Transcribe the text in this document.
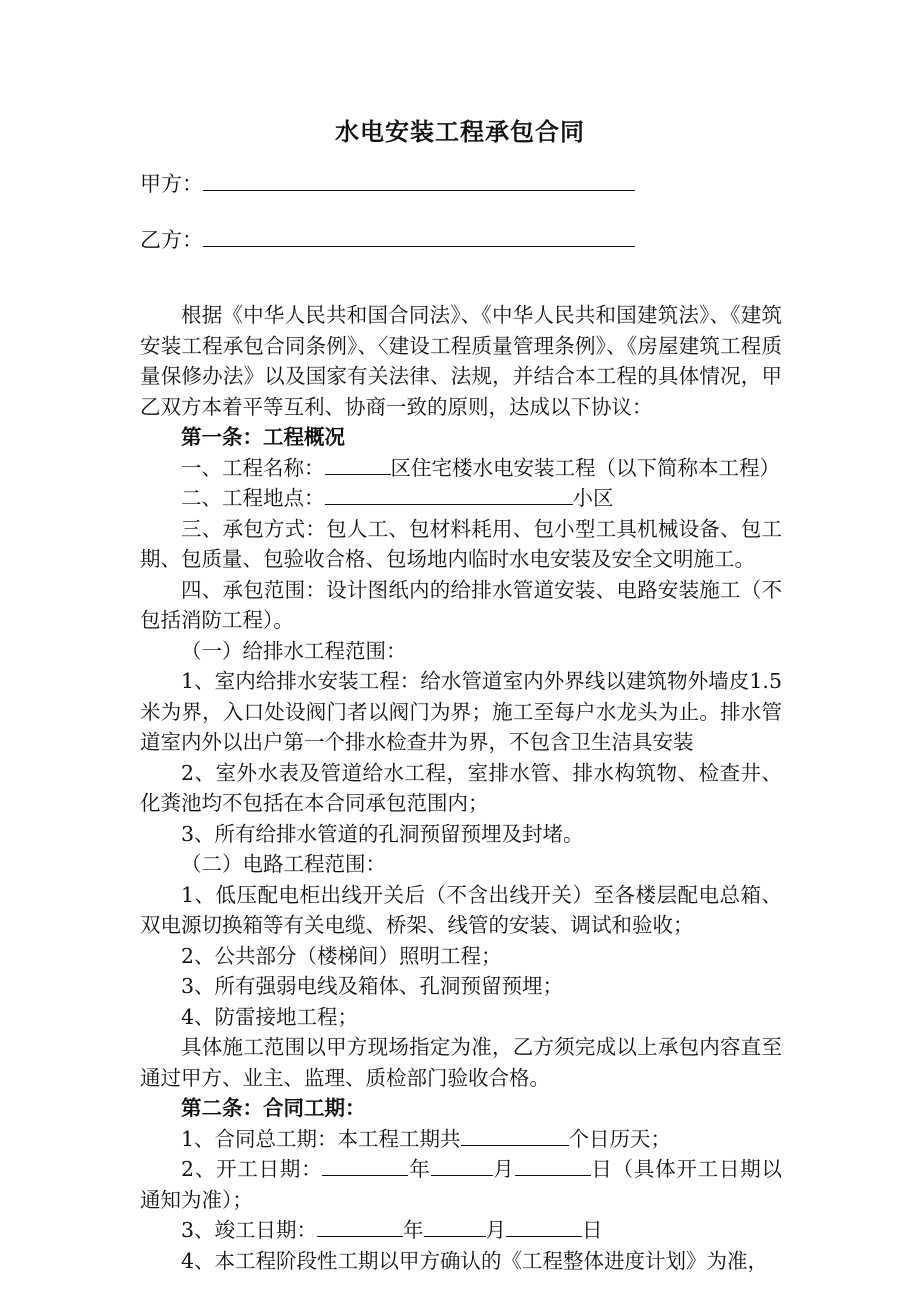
水电安装工程承包合同
甲方：
乙方：

根据《中华人民共和国合同法》、《中华人民共和国建筑法》、《建筑安装工程承包合同条例》、〈建设工程质量管理条例》、《房屋建筑工程质量保修办法》以及国家有关法律、法规，并结合本工程的具体情况，甲乙双方本着平等互利、协商一致的原则，达成以下协议：

第一条：工程概况

一、工程名称：	区住宅楼水电安装工程（以下简称本工程）

二、工程地点：	小区

三、承包方式：包人工、包材料耗用、包小型工具机械设备、包工期、包质量、包验收合格、包场地内临时水电安装及安全文明施工。

四、承包范围：设计图纸内的给排水管道安装、电路安装施工（不包括消防工程）。

（一）给排水工程范围：

1、室内给排水安装工程：给水管道室内外界线以建筑物外墙皮1.5米为界，入口处设阀门者以阀门为界；施工至每户水龙头为止。排水管道室内外以出户第一个排水检查井为界，不包含卫生洁具安装

2、室外水表及管道给水工程，室排水管、排水构筑物、检查井、化粪池均不包括在本合同承包范围内；

3、所有给排水管道的孔洞预留预埋及封堵。

（二）电路工程范围：

1、低压配电柜出线开关后（不含出线开关）至各楼层配电总箱、双电源切换箱等有关电缆、桥架、线管的安装、调试和验收；

2、公共部分（楼梯间）照明工程；

3、所有强弱电线及箱体、孔洞预留预埋；

4、防雷接地工程；

具体施工范围以甲方现场指定为准，乙方须完成以上承包内容直至通过甲方、业主、监理、质检部门验收合格。

第二条：合同工期：

1、合同总工期：本工程工期共	个日历天；

2、开工日期：	年	月	日（具体开工日期以通知为准）；

3、竣工日期：	年	月	日

4、本工程阶段性工期以甲方确认的《工程整体进度计划》为准，
